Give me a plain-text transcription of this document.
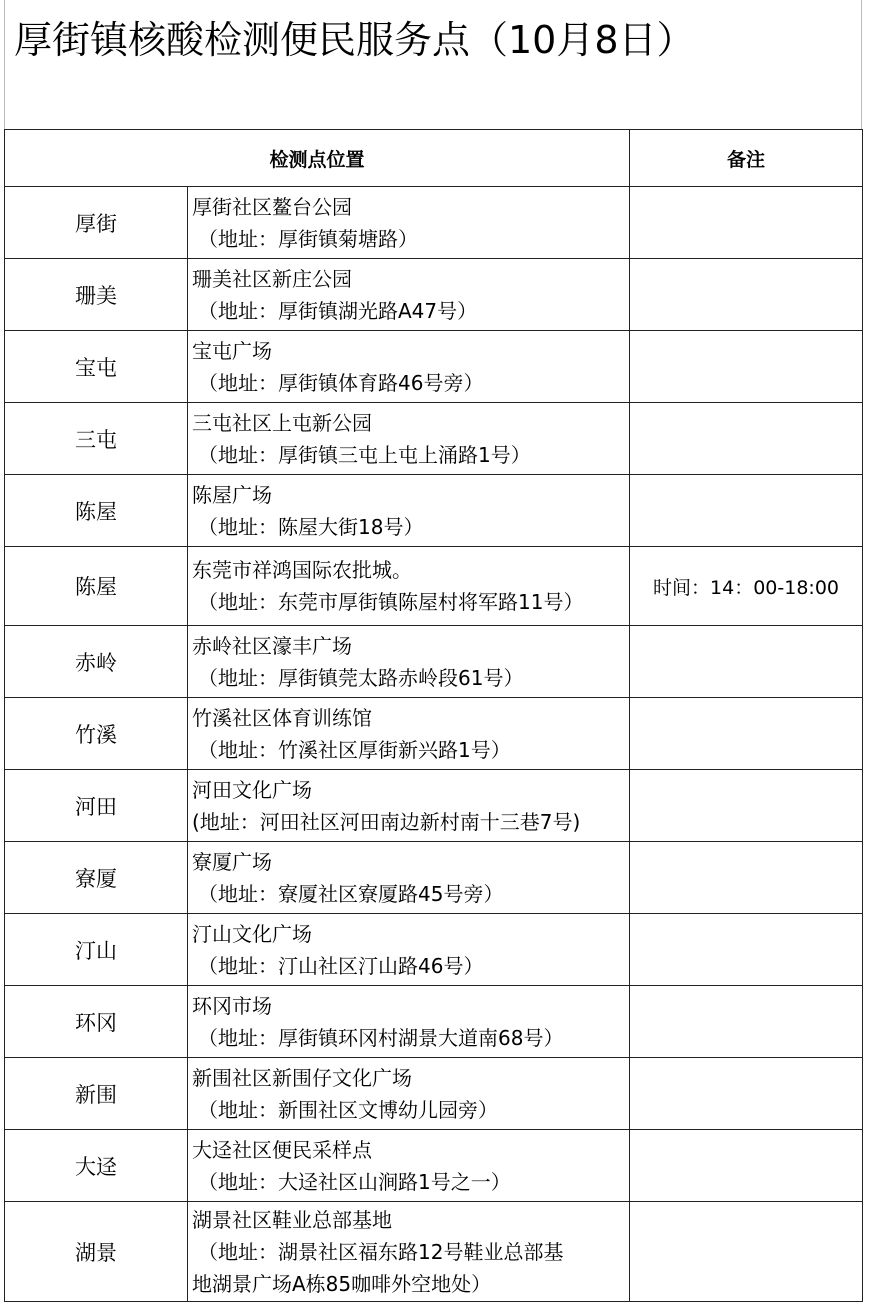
厚街镇核酸检测便民服务点（10月8日）
检测点位置		备注
厚街	厚街社区鳌台公园
（地址：厚街镇菊塘路）	

珊美	珊美社区新庄公园
（地址：厚街镇湖光路A47号）	

宝屯	宝屯广场
（地址：厚街镇体育路46号旁）	

三屯	三屯社区上屯新公园
（地址：厚街镇三屯上屯上涌路1号）	

陈屋	陈屋广场
（地址：陈屋大街18号）	

陈屋	东莞市祥鸿国际农批城。
（地址：东莞市厚街镇陈屋村将军路11号）	时间：14：00-18:00
赤岭	赤岭社区濠丰广场
（地址：厚街镇莞太路赤岭段61号）	

竹溪	竹溪社区体育训练馆
（地址：竹溪社区厚街新兴路1号）	

河田	河田文化广场
(地址：河田社区河田南边新村南十三巷7号)	

寮厦	寮厦广场
（地址：寮厦社区寮厦路45号旁）	

汀山	汀山文化广场
（地址：汀山社区汀山路46号）	

环冈	环冈市场
（地址：厚街镇环冈村湖景大道南68号）	

新围	新围社区新围仔文化广场
（地址：新围社区文博幼儿园旁）	

大迳	大迳社区便民采样点
（地址：大迳社区山涧路1号之一）	

湖景	湖景社区鞋业总部基地
（地址：湖景社区福东路12号鞋业总部基
地湖景广场A栋85咖啡外空地处）	
